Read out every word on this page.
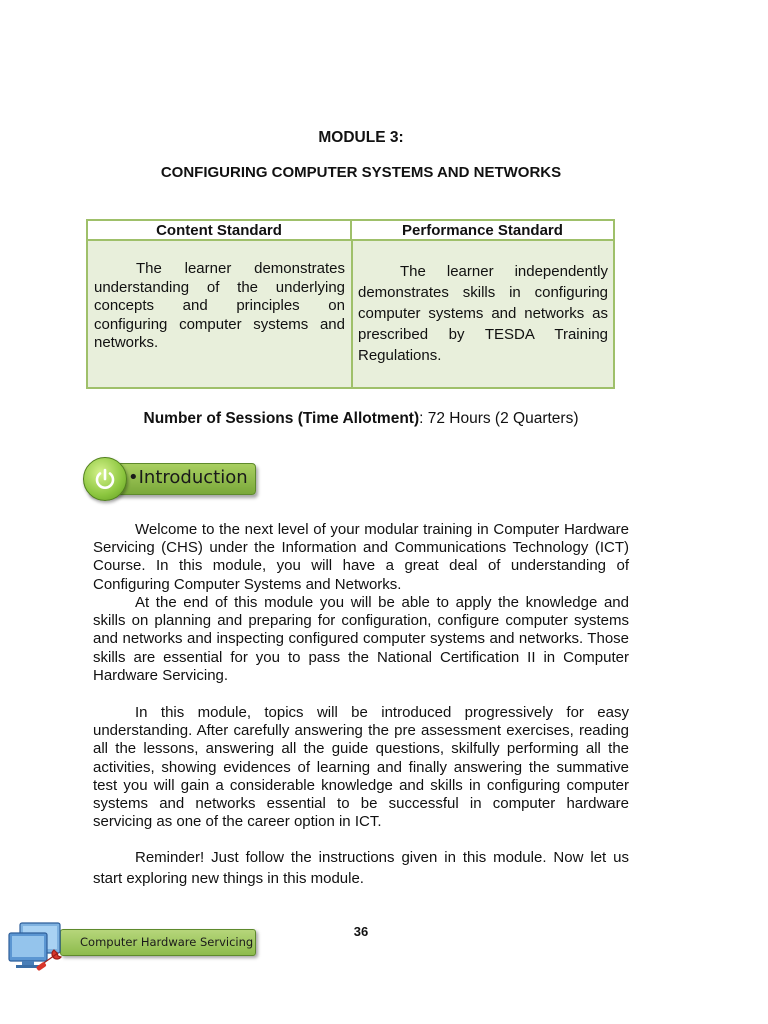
MODULE 3:
CONFIGURING COMPUTER SYSTEMS AND NETWORKS
Content Standard	Performance Standard
The learner demonstrates understanding of the underlying concepts and principles on configuring computer systems and networks.
The learner independently demonstrates skills in configuring computer systems and networks as prescribed by TESDA Training Regulations.
Number of Sessions (Time Allotment): 72 Hours (2 Quarters)
•Introduction
Welcome to the next level of your modular training in Computer Hardware Servicing (CHS) under the Information and Communications Technology (ICT) Course. In this module, you will have a great deal of understanding of Configuring Computer Systems and Networks.
At the end of this module you will be able to apply the knowledge and skills on planning and preparing for configuration, configure computer systems and networks and inspecting configured computer systems and networks. Those skills are essential for you to pass the National Certification II in Computer Hardware Servicing.
In this module, topics will be introduced progressively for easy understanding. After carefully answering the pre assessment exercises, reading all the lessons, answering all the guide questions, skilfully performing all the activities, showing evidences of learning and finally answering the summative test you will gain a considerable knowledge and skills in configuring computer systems and networks essential to be successful in computer hardware servicing as one of the career option in ICT.
Reminder! Just follow the instructions given in this module. Now let us start exploring new things in this module.
36
Computer Hardware Servicing
